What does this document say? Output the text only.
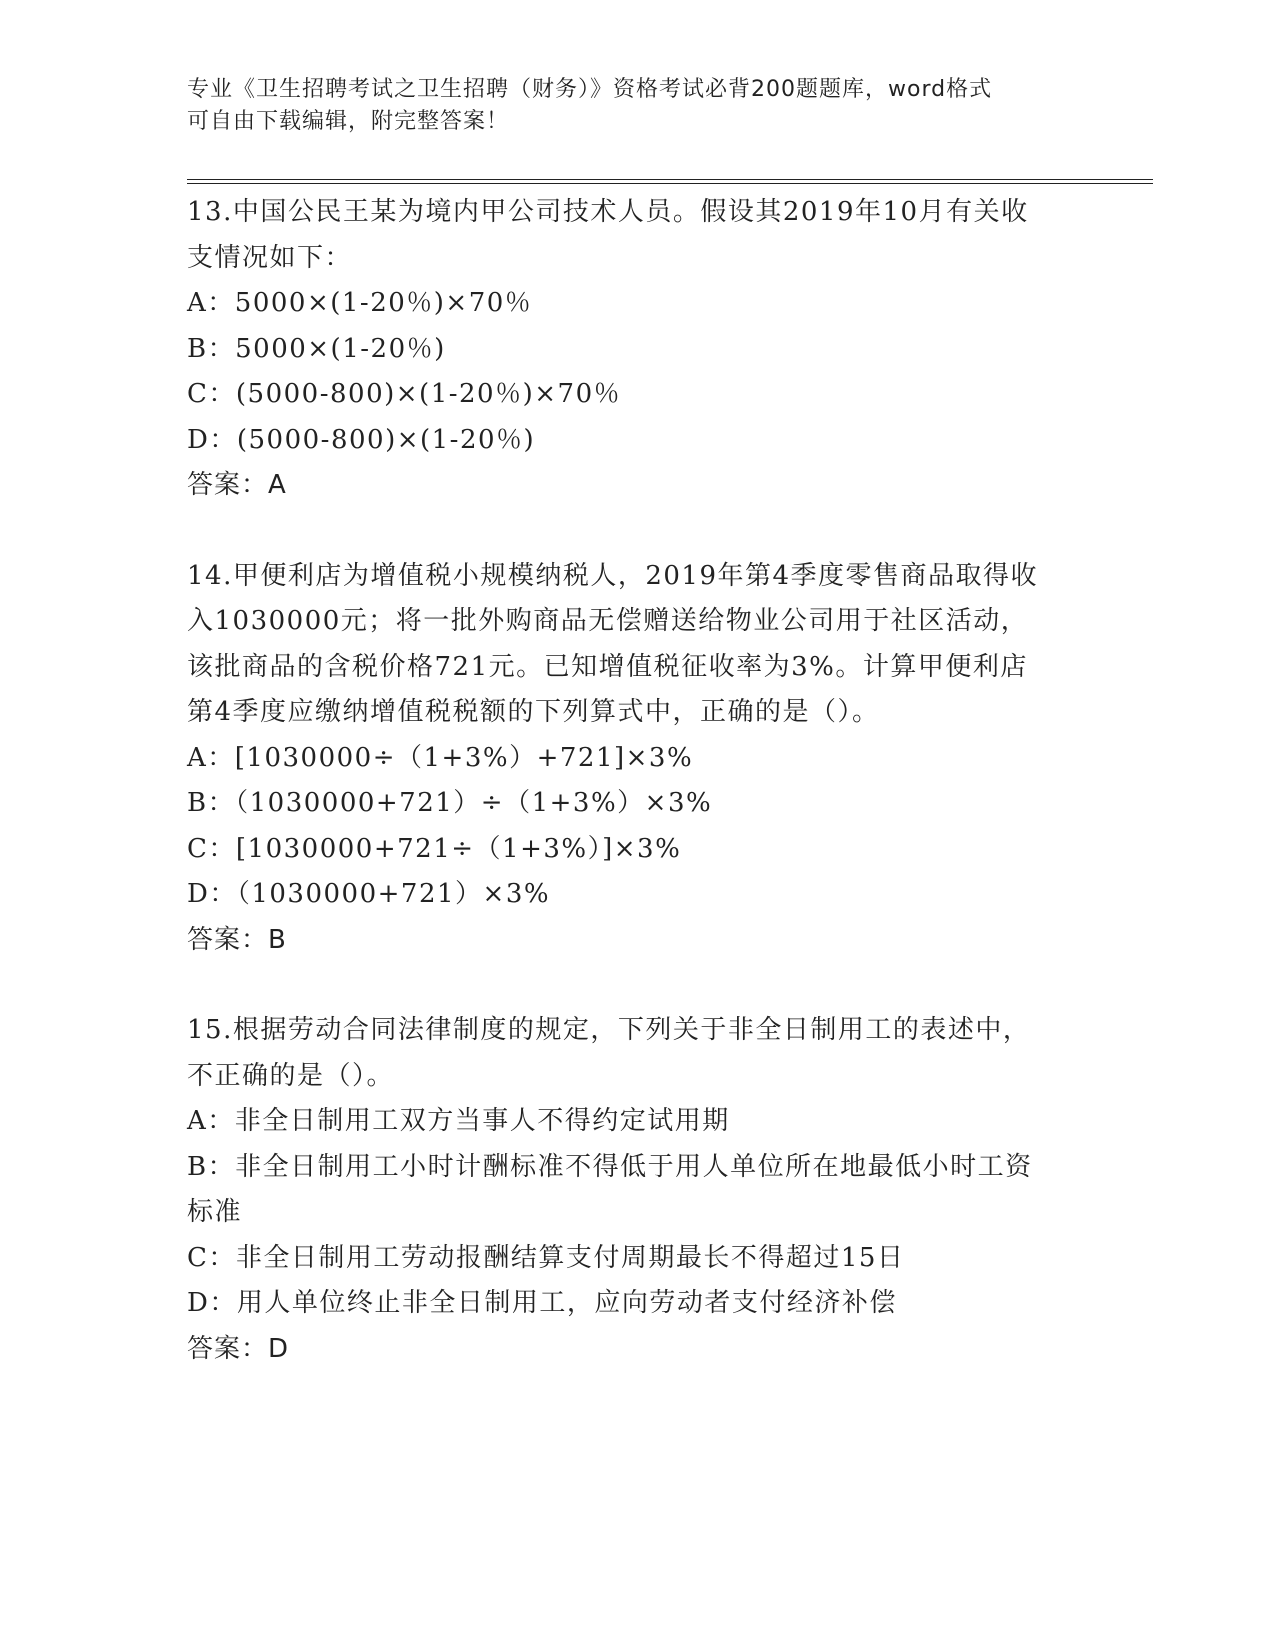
专业《卫生招聘考试之卫生招聘（财务）》资格考试必背200题题库，word格式
可自由下载编辑，附完整答案！
13.中国公民王某为境内甲公司技术人员。假设其2019年10月有关收
支情况如下：
A：5000×(1-20％)×70％
B：5000×(1-20％)
C：(5000-800)×(1-20％)×70％
D：(5000-800)×(1-20％)
答案：A
14.甲便利店为增值税小规模纳税人，2019年第4季度零售商品取得收
入1030000元；将一批外购商品无偿赠送给物业公司用于社区活动，
该批商品的含税价格721元。已知增值税征收率为3%。计算甲便利店
第4季度应缴纳增值税税额的下列算式中，正确的是（）。
A：[1030000÷（1+3%）+721]×3%
B：（1030000+721）÷（1+3%）×3%
C：[1030000+721÷（1+3%）]×3%
D：（1030000+721）×3%
答案：B
15.根据劳动合同法律制度的规定，下列关于非全日制用工的表述中，
不正确的是（）。
A：非全日制用工双方当事人不得约定试用期
B：非全日制用工小时计酬标准不得低于用人单位所在地最低小时工资
标准
C：非全日制用工劳动报酬结算支付周期最长不得超过15日
D：用人单位终止非全日制用工，应向劳动者支付经济补偿
答案：D
